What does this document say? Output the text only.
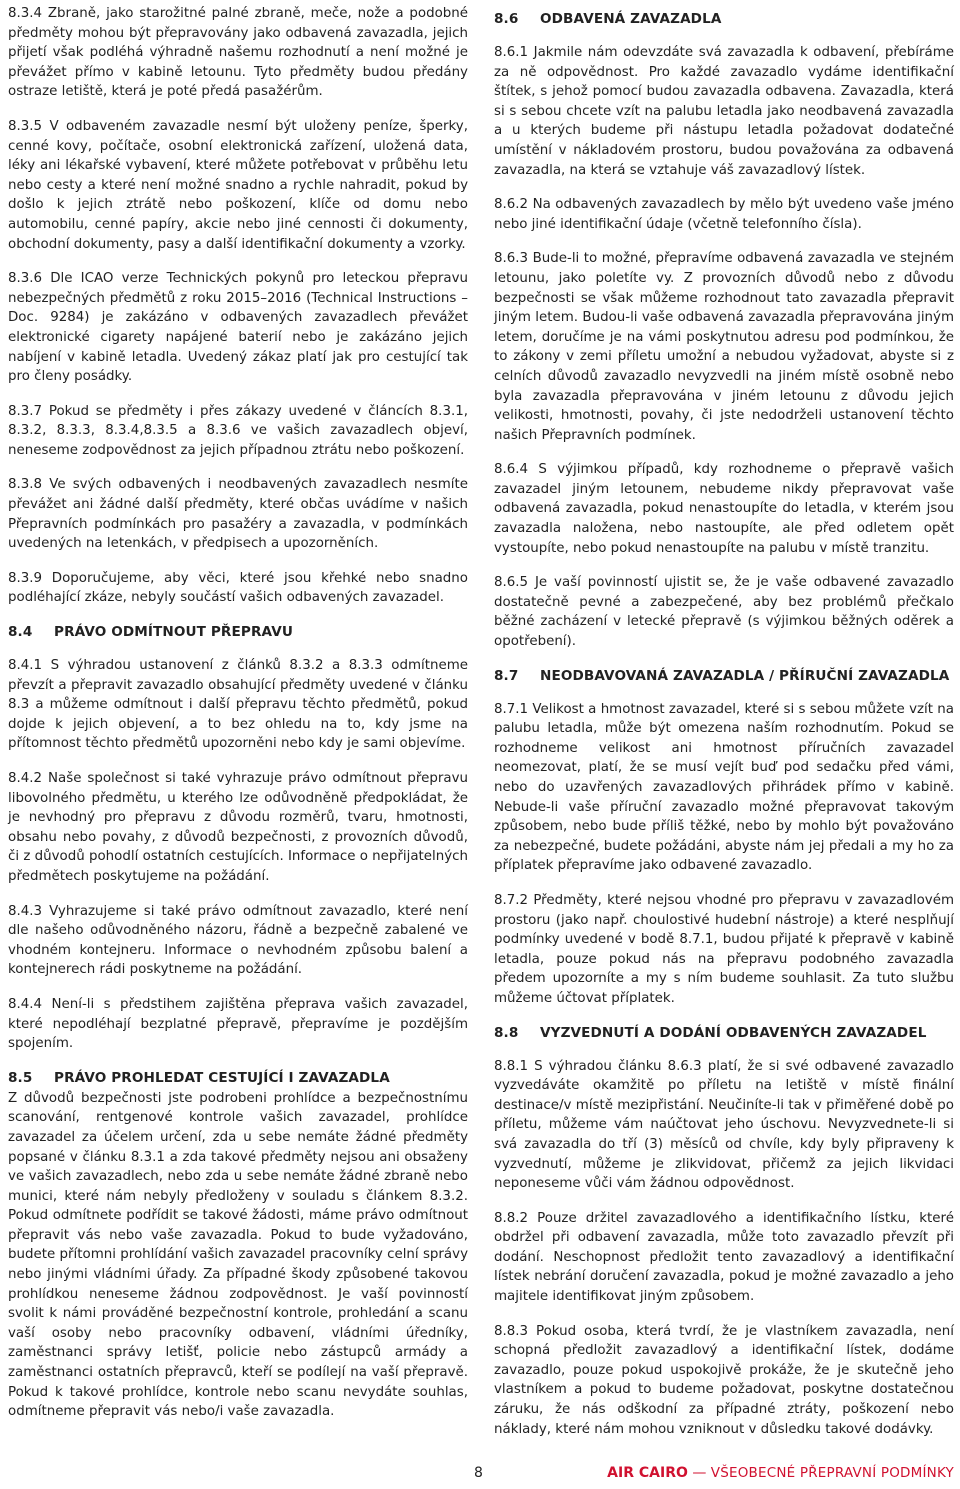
8.3.4 Zbraně, jako starožitné palné zbraně, meče, nože a podobné předměty mohou být přepravovány jako odbavená zavazadla, jejich přijetí však podléhá výhradně našemu rozhodnutí a není možné je převážet přímo v kabině letounu. Tyto předměty budou předány ostraze letiště, která je poté předá pasažérům.

8.3.5 V odbaveném zavazadle nesmí být uloženy peníze, šperky, cenné kovy, počítače, osobní elektronická zařízení, uložená data, léky ani lékařské vybavení, které můžete potřebovat v průběhu letu nebo cesty a které není možné snadno a rychle nahradit, pokud by došlo k jejich ztrátě nebo poškození, klíče od domu nebo automobilu, cenné papíry, akcie nebo jiné cennosti či dokumenty, obchodní dokumenty, pasy a další identifikační dokumenty a vzorky.

8.3.6 Dle ICAO verze Technických pokynů pro leteckou přepravu nebezpečných předmětů z roku 2015–2016 (Technical Instructions – Doc. 9284) je zakázáno v odbavených zavazadlech převážet elektronické cigarety napájené baterií nebo je zakázáno jejich nabíjení v kabině letadla. Uvedený zákaz platí jak pro cestující tak pro členy posádky.

8.3.7 Pokud se předměty i přes zákazy uvedené v článcích 8.3.1, 8.3.2, 8.3.3, 8.3.4,8.3.5 a 8.3.6 ve vašich zavazadlech objeví, neneseme zodpovědnost za jejich případnou ztrátu nebo poškození.

8.3.8 Ve svých odbavených i neodbavených zavazadlech nesmíte převážet ani žádné další předměty, které občas uvádíme v našich Přepravních podmínkách pro pasažéry a zavazadla, v podmínkách uvedených na letenkách, v předpisech a upozorněních.

8.3.9 Doporučujeme, aby věci, které jsou křehké nebo snadno podléhající zkáze, nebyly součástí vašich odbavených zavazadel.

8.4 PRÁVO ODMÍTNOUT PŘEPRAVU

8.4.1 S výhradou ustanovení z článků 8.3.2 a 8.3.3 odmítneme převzít a přepravit zavazadlo obsahující předměty uvedené v článku 8.3 a můžeme odmítnout i další přepravu těchto předmětů, pokud dojde k jejich objevení, a to bez ohledu na to, kdy jsme na přítomnost těchto předmětů upozorněni nebo kdy je sami objevíme.

8.4.2 Naše společnost si také vyhrazuje právo odmítnout přepravu libovolného předmětu, u kterého lze odůvodněně předpokládat, že je nevhodný pro přepravu z důvodu rozměrů, tvaru, hmotnosti, obsahu nebo povahy, z důvodů bezpečnosti, z provozních důvodů, či z důvodů pohodlí ostatních cestujících. Informace o nepřijatelných předmětech poskytujeme na požádání.

8.4.3 Vyhrazujeme si také právo odmítnout zavazadlo, které není dle našeho odůvodněného názoru, řádně a bezpečně zabalené ve vhodném kontejneru. Informace o nevhodném způsobu balení a kontejnerech rádi poskytneme na požádání.

8.4.4 Není-li s předstihem zajištěna přeprava vašich zavazadel, které nepodléhají bezplatné přepravě, přepravíme je pozdějším spojením.

8.5 PRÁVO PROHLEDAT CESTUJÍCÍ I ZAVAZADLA

Z důvodů bezpečnosti jste podrobeni prohlídce a bezpečnostnímu scanování, rentgenové kontrole vašich zavazadel, prohlídce zavazadel za účelem určení, zda u sebe nemáte žádné předměty popsané v článku 8.3.1 a zda takové předměty nejsou ani obsaženy ve vašich zavazadlech, nebo zda u sebe nemáte žádné zbraně nebo munici, které nám nebyly předloženy v souladu s článkem 8.3.2. Pokud odmítnete podřídit se takové žádosti, máme právo odmítnout přepravit vás nebo vaše zavazadla. Pokud to bude vyžadováno, budete přítomni prohlídání vašich zavazadel pracovníky celní správy nebo jinými vládními úřady. Za případné škody způsobené takovou prohlídkou neneseme žádnou zodpovědnost. Je vaší povinností svolit k námi prováděné bezpečnostní kontrole, prohledání a scanu vaší osoby nebo pracovníky odbavení, vládními úředníky, zaměstnanci správy letišť, policie nebo zástupců armády a zaměstnanci ostatních přepravců, kteří se podílejí na vaší přepravě. Pokud k takové prohlídce, kontrole nebo scanu nevydáte souhlas, odmítneme přepravit vás nebo/i vaše zavazadla.

8.6 ODBAVENÁ ZAVAZADLA

8.6.1 Jakmile nám odevzdáte svá zavazadla k odbavení, přebíráme za ně odpovědnost. Pro každé zavazadlo vydáme identifikační štítek, s jehož pomocí budou zavazadla odbavena. Zavazadla, která si s sebou chcete vzít na palubu letadla jako neodbavená zavazadla a u kterých budeme při nástupu letadla požadovat dodatečné umístění v nákladovém prostoru, budou považována za odbavená zavazadla, na která se vztahuje váš zavazadlový lístek.

8.6.2 Na odbavených zavazadlech by mělo být uvedeno vaše jméno nebo jiné identifikační údaje (včetně telefonního čísla).

8.6.3 Bude-li to možné, přepravíme odbavená zavazadla ve stejném letounu, jako poletíte vy. Z provozních důvodů nebo z důvodu bezpečnosti se však můžeme rozhodnout tato zavazadla přepravit jiným letem. Budou-li vaše odbavená zavazadla přepravována jiným letem, doručíme je na vámi poskytnutou adresu pod podmínkou, že to zákony v zemi příletu umožní a nebudou vyžadovat, abyste si z celních důvodů zavazadlo nevyzvedli na jiném místě osobně nebo byla zavazadla přepravována v jiném letounu z důvodu jejich velikosti, hmotnosti, povahy, či jste nedodrželi ustanovení těchto našich Přepravních podmínek.

8.6.4 S výjimkou případů, kdy rozhodneme o přepravě vašich zavazadel jiným letounem, nebudeme nikdy přepravovat vaše odbavená zavazadla, pokud nenastoupíte do letadla, v kterém jsou zavazadla naložena, nebo nastoupíte, ale před odletem opět vystoupíte, nebo pokud nenastoupíte na palubu v místě tranzitu.

8.6.5 Je vaší povinností ujistit se, že je vaše odbavené zavazadlo dostatečně pevné a zabezpečené, aby bez problémů přečkalo běžné zacházení v letecké přepravě (s výjimkou běžných oděrek a opotřebení).

8.7 NEODBAVOVANÁ ZAVAZADLA / PŘÍRUČNÍ ZAVAZADLA

8.7.1 Velikost a hmotnost zavazadel, které si s sebou můžete vzít na palubu letadla, může být omezena naším rozhodnutím. Pokud se rozhodneme velikost ani hmotnost příručních zavazadel neomezovat, platí, že se musí vejít buď pod sedačku před vámi, nebo do uzavřených zavazadlových přihrádek přímo v kabině. Nebude-li vaše příruční zavazadlo možné přepravovat takovým způsobem, nebo bude příliš těžké, nebo by mohlo být považováno za nebezpečné, budete požádáni, abyste nám jej předali a my ho za příplatek přepravíme jako odbavené zavazadlo.

8.7.2 Předměty, které nejsou vhodné pro přepravu v zavazadlovém prostoru (jako např. choulostivé hudební nástroje) a které nesplňují podmínky uvedené v bodě 8.7.1, budou přijaté k přepravě v kabině letadla, pouze pokud nás na přepravu podobného zavazadla předem upozorníte a my s ním budeme souhlasit. Za tuto službu můžeme účtovat příplatek.

8.8 VYZVEDNUTÍ A DODÁNÍ ODBAVENÝCH ZAVAZADEL

8.8.1 S výhradou článku 8.6.3 platí, že si své odbavené zavazadlo vyzvedáváte okamžitě po příletu na letiště v místě finální destinace/v místě mezipřistání. Neučiníte-li tak v přiměřené době po příletu, můžeme vám naúčtovat jeho úschovu. Nevyzvednete-li si svá zavazadla do tří (3) měsíců od chvíle, kdy byly připraveny k vyzvednutí, můžeme je zlikvidovat, přičemž za jejich likvidaci neponeseme vůči vám žádnou odpovědnost.

8.8.2 Pouze držitel zavazadlového a identifikačního lístku, které obdržel při odbavení zavazadla, může toto zavazadlo převzít při dodání. Neschopnost předložit tento zavazadlový a identifikační lístek nebrání doručení zavazadla, pokud je možné zavazadlo a jeho majitele identifikovat jiným způsobem.

8.8.3 Pokud osoba, která tvrdí, že je vlastníkem zavazadla, není schopná předložit zavazadlový a identifikační lístek, dodáme zavazadlo, pouze pokud uspokojivě prokáže, že je skutečně jeho vlastníkem a pokud to budeme požadovat, poskytne dostatečnou záruku, že nás odškodní za případné ztráty, poškození nebo náklady, které nám mohou vzniknout v důsledku takové dodávky.

8	AIR CAIRO — VŠEOBECNÉ PŘEPRAVNÍ PODMÍNKY
